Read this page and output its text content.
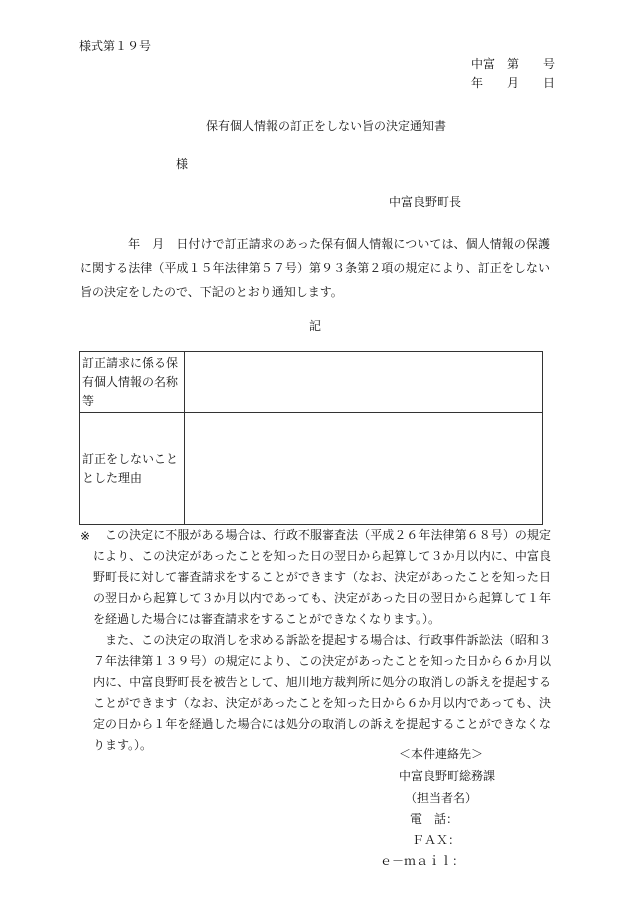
様式第１９号
中富　第　　号
年　　月　　日
保有個人情報の訂正をしない旨の決定通知書
様
中富良野町長
　年　月　日付けで訂正請求のあった保有個人情報については、個人情報の保護に関する法律（平成１５年法律第５７号）第９３条第２項の規定により、訂正をしない旨の決定をしたので、下記のとおり通知します。
記
訂正請求に係る保有個人情報の名称等	
訂正をしないこととした理由	
※	この決定に不服がある場合は、行政不服審査法（平成２６年法律第６８号）の規定により、この決定があったことを知った日の翌日から起算して３か月以内に、中富良野町長に対して審査請求をすることができます（なお、決定があったことを知った日の翌日から起算して３か月以内であっても、決定があった日の翌日から起算して１年を経過した場合には審査請求をすることができなくなります。）。
また、この決定の取消しを求める訴訟を提起する場合は、行政事件訴訟法（昭和３７年法律第１３９号）の規定により、この決定があったことを知った日から６か月以内に、中富良野町長を被告として、旭川地方裁判所に処分の取消しの訴えを提起することができます（なお、決定があったことを知った日から６か月以内であっても、決定の日から１年を経過した場合には処分の取消しの訴えを提起することができなくなります。）。
＜本件連絡先＞
中富良野町総務課
（担当者名）
電　話：
ＦＡＸ：
ｅ－ｍａｉｌ：
